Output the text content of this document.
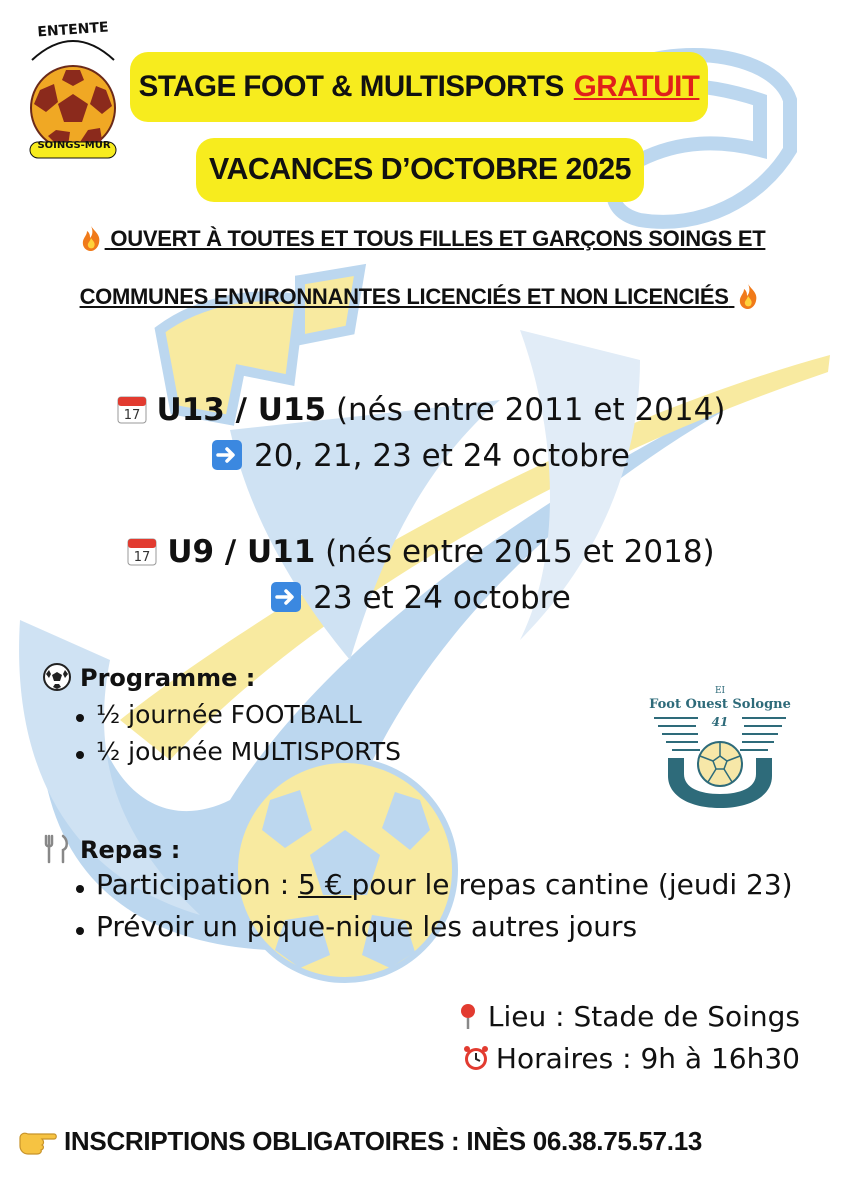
ENTENTE
SOINGS-MUR
STAGE FOOT & MULTISPORTS GRATUIT
VACANCES D’OCTOBRE 2025
OUVERT À TOUTES ET TOUS FILLES ET GARÇONS SOINGS ET
COMMUNES ENVIRONNANTES LICENCIÉS ET NON LICENCIÉS
17 U13 / U15 (nés entre 2011 et 2014)
20, 21, 23 et 24 octobre
17 U9 / U11 (nés entre 2015 et 2018)
23 et 24 octobre
Programme :
½ journée FOOTBALL
½ journée MULTISPORTS
EI
Foot Ouest Sologne
41
Repas :
Participation : 5 € pour le repas cantine (jeudi 23)
Prévoir un pique-nique les autres jours
Lieu : Stade de Soings
Horaires : 9h à 16h30
INSCRIPTIONS OBLIGATOIRES : INÈS 06.38.75.57.13
